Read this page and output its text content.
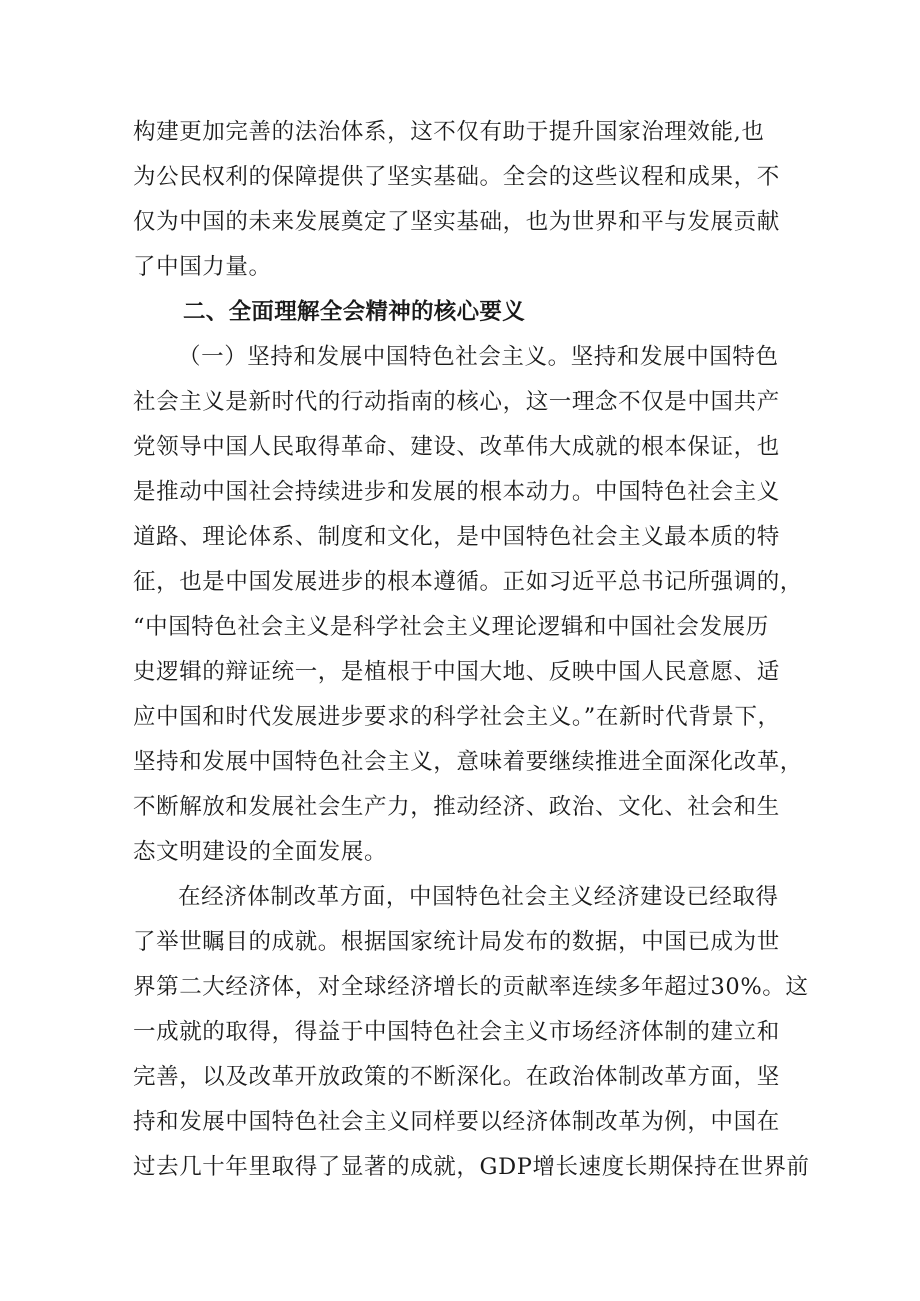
构建更加完善的法治体系，这不仅有助于提升国家治理效能,也
为公民权利的保障提供了坚实基础。全会的这些议程和成果，不
仅为中国的未来发展奠定了坚实基础，也为世界和平与发展贡献
了中国力量。
二、全面理解全会精神的核心要义
（一）坚持和发展中国特色社会主义。坚持和发展中国特色
社会主义是新时代的行动指南的核心，这一理念不仅是中国共产
党领导中国人民取得革命、建设、改革伟大成就的根本保证，也
是推动中国社会持续进步和发展的根本动力。中国特色社会主义
道路、理论体系、制度和文化，是中国特色社会主义最本质的特
征，也是中国发展进步的根本遵循。正如习近平总书记所强调的，
“中国特色社会主义是科学社会主义理论逻辑和中国社会发展历
史逻辑的辩证统一，是植根于中国大地、反映中国人民意愿、适
应中国和时代发展进步要求的科学社会主义。”在新时代背景下，
坚持和发展中国特色社会主义，意味着要继续推进全面深化改革，
不断解放和发展社会生产力，推动经济、政治、文化、社会和生
态文明建设的全面发展。
在经济体制改革方面，中国特色社会主义经济建设已经取得
了举世瞩目的成就。根据国家统计局发布的数据，中国已成为世
界第二大经济体，对全球经济增长的贡献率连续多年超过30%。这
一成就的取得，得益于中国特色社会主义市场经济体制的建立和
完善，以及改革开放政策的不断深化。在政治体制改革方面，坚
持和发展中国特色社会主义同样要以经济体制改革为例，中国在
过去几十年里取得了显著的成就，GDP增长速度长期保持在世界前
